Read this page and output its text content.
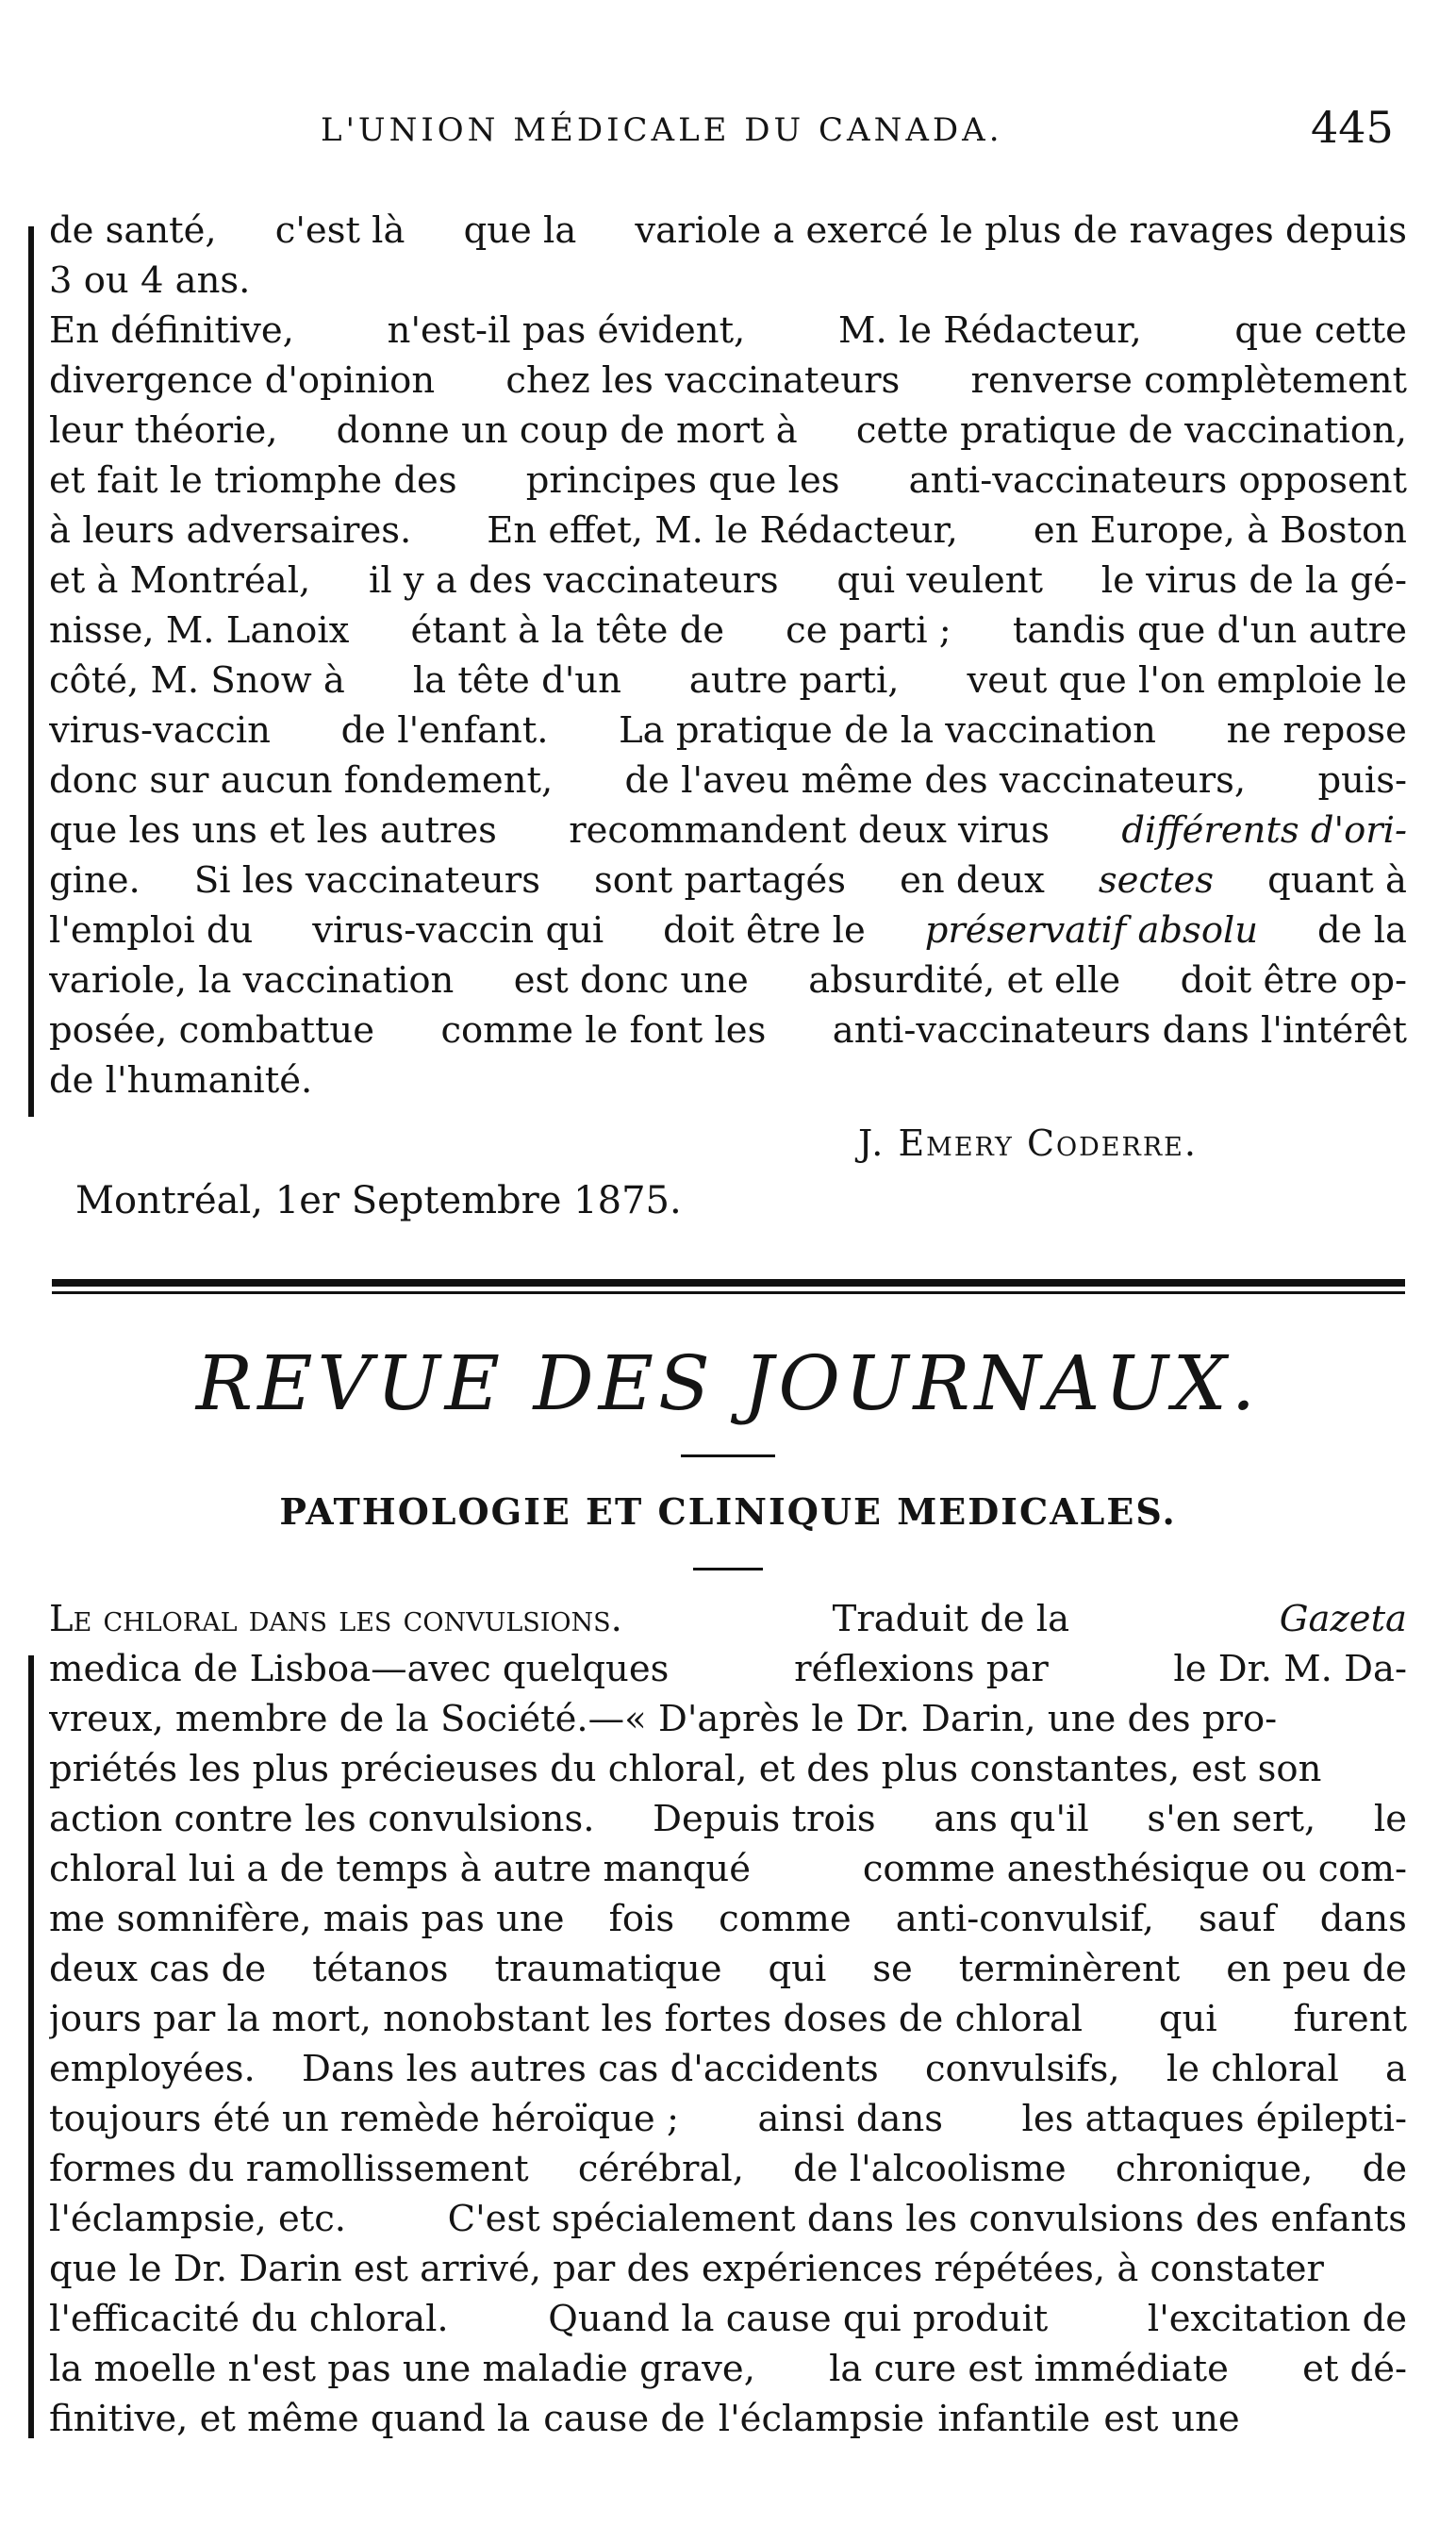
L'UNION MÉDICALE DU CANADA.	445
de santé, c'est là que la variole a exercé le plus de ravages depuis
3 ou 4 ans.
En définitive,	n'est-il pas évident,	M. le Rédacteur,	que cette
divergence d'opinion chez les vaccinateurs renverse complètement
leur théorie, donne un coup de mort à cette pratique de vaccination,
et fait le triomphe des principes que les anti-vaccinateurs opposent
à leurs adversaires. En effet, M. le Rédacteur, en Europe, à Boston
et à Montréal, il y a des vaccinateurs qui veulent le virus de la gé-
nisse, M. Lanoix étant à la tête de ce parti ; tandis que d'un autre
côté, M. Snow à la tête d'un autre parti, veut que l'on emploie le
virus-vaccin de l'enfant. La pratique de la vaccination ne repose
donc sur aucun fondement, de l'aveu même des vaccinateurs, puis-
que les uns et les autres recommandent deux virus différents d'ori-
gine. Si les vaccinateurs sont partagés en deux sectes quant à
l'emploi du virus-vaccin qui doit être le préservatif absolu de la
variole, la vaccination est donc une absurdité, et elle doit être op-
posée, combattue comme le font les anti-vaccinateurs dans l'intérêt
de l'humanité.
J. Emery Coderre.
Montréal, 1er Septembre 1875.
REVUE DES JOURNAUX.
PATHOLOGIE ET CLINIQUE MEDICALES.
Le chloral dans les convulsions.	Traduit de la	Gazeta
medica de Lisboa—avec quelques	réflexions par	le Dr. M. Da-
vreux, membre de la Société.—« D'après le Dr. Darin, une des pro-
priétés les plus précieuses du chloral, et des plus constantes, est son
action contre les convulsions. Depuis trois ans qu'il s'en sert, le
chloral lui a de temps à autre manqué	comme anesthésique ou com-
me somnifère, mais pas une fois comme anti-convulsif, sauf dans
deux cas de tétanos traumatique qui se terminèrent en peu de
jours par la mort, nonobstant les fortes doses de chloral qui furent
employées. Dans les autres cas d'accidents convulsifs, le chloral a
toujours été un remède héroïque ; ainsi dans les attaques épilepti-
formes du ramollissement cérébral, de l'alcoolisme chronique, de
l'éclampsie, etc.	C'est spécialement dans les convulsions des enfants
que le Dr. Darin est arrivé, par des expériences répétées, à constater
l'efficacité du chloral.	Quand la cause qui produit	l'excitation de
la moelle n'est pas une maladie grave, la cure est immédiate et dé-
finitive, et même quand la cause de l'éclampsie infantile est une
